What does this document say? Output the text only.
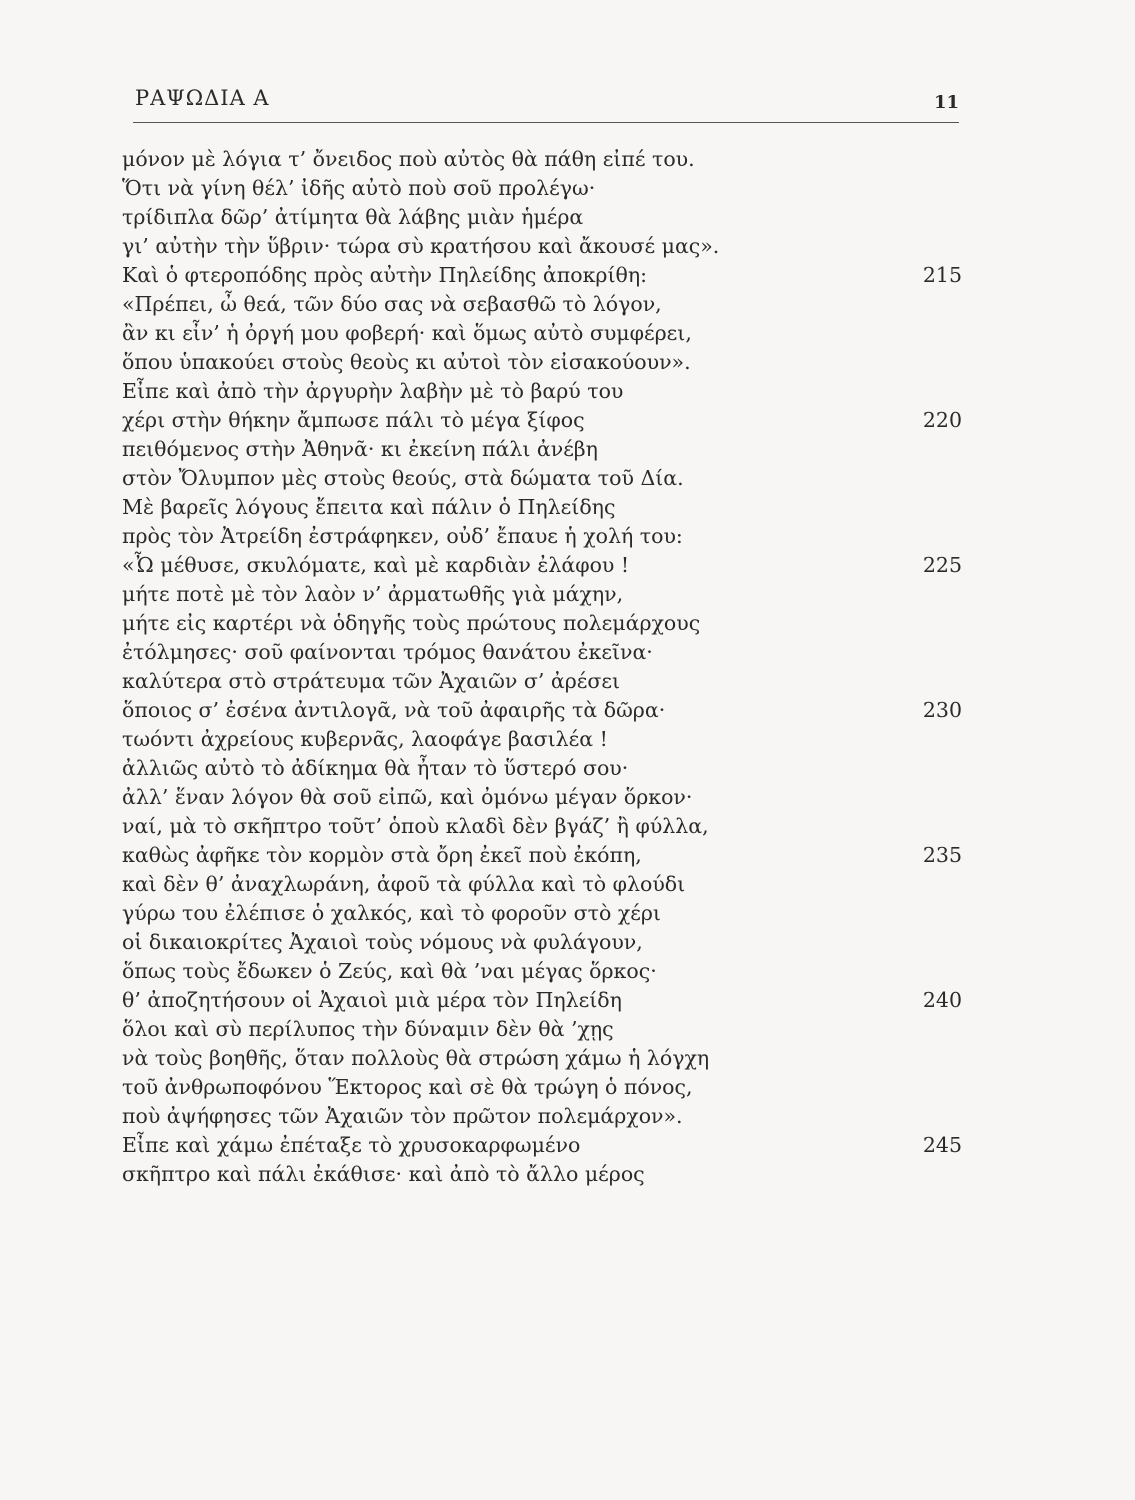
ΡΑΨΩΔΙΑ Α	11
μόνον μὲ λόγια τ’ ὄνειδος ποὺ αὐτὸς θὰ πάθη εἰπέ του.
Ὅτι νὰ γίνη θέλ’ ἰδῆς αὐτὸ ποὺ σοῦ προλέγω·
τρίδιπλα δῶρ’ ἀτίμητα θὰ λάβης μιὰν ἡμέρα
γι’ αὐτὴν τὴν ὕβριν· τώρα σὺ κρατήσου καὶ ἄκουσέ μας».
Καὶ ὁ φτεροπόδης πρὸς αὐτὴν Πηλείδης ἀποκρίθη:	215
«Πρέπει, ὦ θεά, τῶν δύο σας νὰ σεβασθῶ τὸ λόγον,
ἂν κι εἶν’ ἡ ὀργή μου φοβερή· καὶ ὅμως αὐτὸ συμφέρει,
ὅπου ὑπακούει στοὺς θεοὺς κι αὐτοὶ τὸν εἰσακούουν».
Εἶπε καὶ ἀπὸ τὴν ἀργυρὴν λαβὴν μὲ τὸ βαρύ του
χέρι στὴν θήκην ἄμπωσε πάλι τὸ μέγα ξίφος	220
πειθόμενος στὴν Ἀθηνᾶ· κι ἐκείνη πάλι ἀνέβη
στὸν Ὄλυμπον μὲς στοὺς θεούς, στὰ δώματα τοῦ Δία.
Μὲ βαρεῖς λόγους ἔπειτα καὶ πάλιν ὁ Πηλείδης
πρὸς τὸν Ἀτρείδη ἐστράφηκεν, οὐδ’ ἔπαυε ἡ χολή του:
«Ὦ μέθυσε, σκυλόματε, καὶ μὲ καρδιὰν ἐλάφου !	225
μήτε ποτὲ μὲ τὸν λαὸν ν’ ἀρματωθῆς γιὰ μάχην,
μήτε εἰς καρτέρι νὰ ὁδηγῆς τοὺς πρώτους πολεμάρχους
ἐτόλμησες· σοῦ φαίνονται τρόμος θανάτου ἐκεῖνα·
καλύτερα στὸ στράτευμα τῶν Ἀχαιῶν σ’ ἀρέσει
ὅποιος σ’ ἐσένα ἀντιλογᾶ, νὰ τοῦ ἀφαιρῆς τὰ δῶρα·	230
τωόντι ἀχρείους κυβερνᾶς, λαοφάγε βασιλέα !
ἀλλιῶς αὐτὸ τὸ ἀδίκημα θὰ ἦταν τὸ ὕστερό σου·
ἀλλ’ ἕναν λόγον θὰ σοῦ εἰπῶ, καὶ ὀμόνω μέγαν ὅρκον·
ναί, μὰ τὸ σκῆπτρο τοῦτ’ ὁποὺ κλαδὶ δὲν βγάζ’ ἢ φύλλα,
καθὼς ἀφῆκε τὸν κορμὸν στὰ ὄρη ἐκεῖ ποὺ ἐκόπη,	235
καὶ δὲν θ’ ἀναχλωράνη, ἀφοῦ τὰ φύλλα καὶ τὸ φλούδι
γύρω του ἐλέπισε ὁ χαλκός, καὶ τὸ φοροῦν στὸ χέρι
οἱ δικαιοκρίτες Ἀχαιοὶ τοὺς νόμους νὰ φυλάγουν,
ὅπως τοὺς ἔδωκεν ὁ Ζεύς, καὶ θὰ ’ναι μέγας ὅρκος·
θ’ ἀποζητήσουν οἱ Ἀχαιοὶ μιὰ μέρα τὸν Πηλείδη	240
ὅλοι καὶ σὺ περίλυπος τὴν δύναμιν δὲν θὰ ’χῃς
νὰ τοὺς βοηθῆς, ὅταν πολλοὺς θὰ στρώση χάμω ἡ λόγχη
τοῦ ἀνθρωποφόνου Ἕκτορος καὶ σὲ θὰ τρώγη ὁ πόνος,
ποὺ ἀψήφησες τῶν Ἀχαιῶν τὸν πρῶτον πολεμάρχον».
Εἶπε καὶ χάμω ἐπέταξε τὸ χρυσοκαρφωμένο	245
σκῆπτρο καὶ πάλι ἐκάθισε· καὶ ἀπὸ τὸ ἄλλο μέρος
